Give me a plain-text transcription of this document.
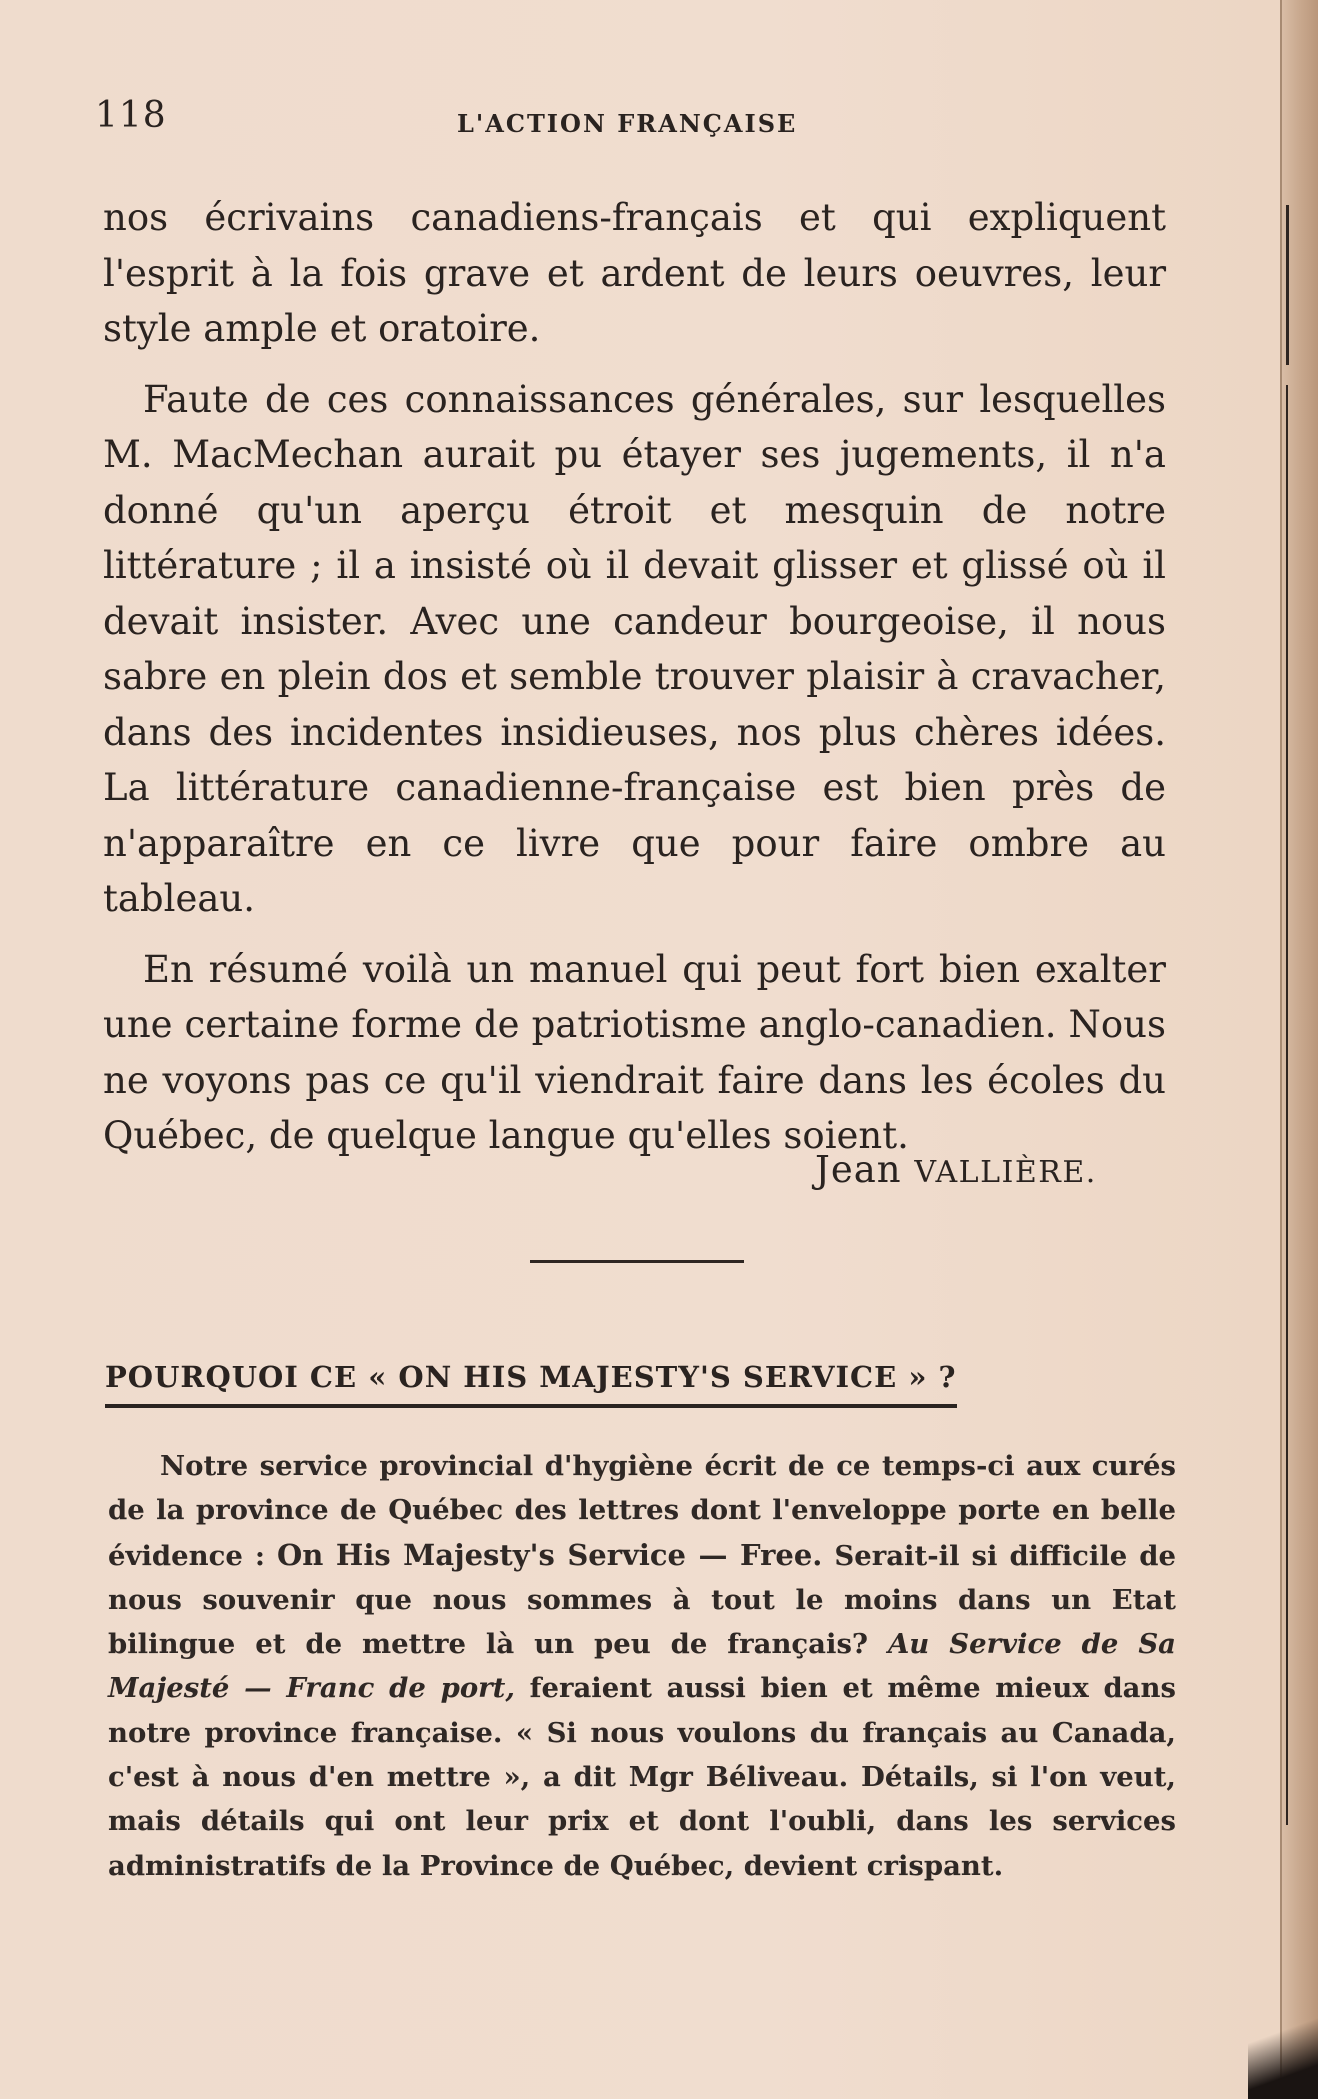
118	L'ACTION FRANÇAISE

nos écrivains canadiens-français et qui expliquent l'esprit à la fois grave et ardent de leurs oeuvres, leur style ample et oratoire.

Faute de ces connaissances générales, sur lesquelles M. MacMechan aurait pu étayer ses jugements, il n'a donné qu'un aperçu étroit et mesquin de notre littérature ; il a insisté où il devait glisser et glissé où il devait insister. Avec une candeur bourgeoise, il nous sabre en plein dos et semble trouver plaisir à cravacher, dans des incidentes insidieuses, nos plus chères idées. La littérature canadienne-française est bien près de n'apparaître en ce livre que pour faire ombre au tableau.

En résumé voilà un manuel qui peut fort bien exalter une certaine forme de patriotisme anglo-canadien. Nous ne voyons pas ce qu'il viendrait faire dans les écoles du Québec, de quelque langue qu'elles soient.

Jean VALLIÈRE.
POURQUOI CE « ON HIS MAJESTY'S SERVICE » ?
Notre service provincial d'hygiène écrit de ce temps-ci aux curés de la province de Québec des lettres dont l'enveloppe porte en belle évidence : On His Majesty's Service — Free. Serait-il si difficile de nous souvenir que nous sommes à tout le moins dans un Etat bilingue et de mettre là un peu de français? Au Service de Sa Majesté — Franc de port, feraient aussi bien et même mieux dans notre province française. « Si nous voulons du français au Canada, c'est à nous d'en mettre », a dit Mgr Béliveau. Détails, si l'on veut, mais détails qui ont leur prix et dont l'oubli, dans les services administratifs de la Province de Québec, devient crispant.
